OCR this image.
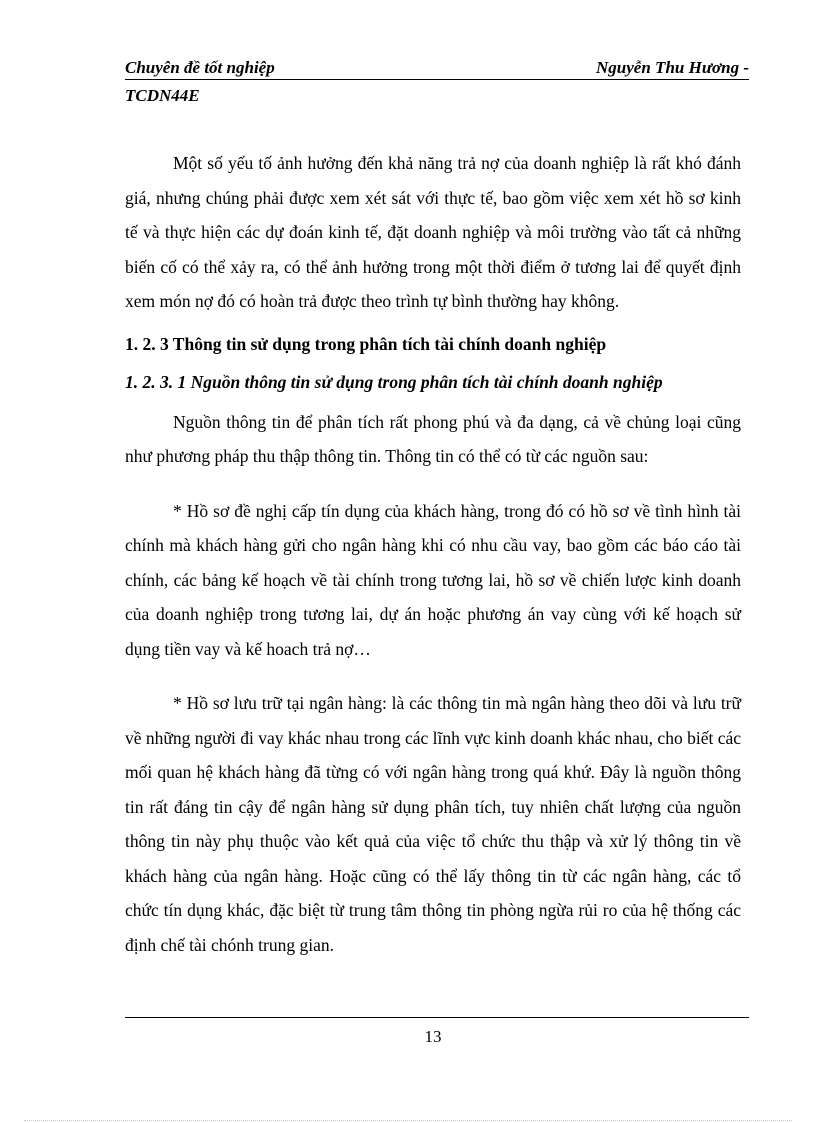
Chuyên đề tốt nghiệp	Nguyễn Thu Hương -
TCDN44E

Một số yếu tố ảnh hưởng đến khả năng trả nợ của doanh nghiệp là rất khó đánh giá, nhưng chúng phải được xem xét sát với thực tế, bao gồm việc xem xét hồ sơ kinh tế và thực hiện các dự đoán kinh tế, đặt doanh nghiệp và môi trường vào tất cả những biến cố có thể xảy ra, có thể ảnh hưởng trong một thời điểm ở tương lai để quyết định xem món nợ đó có hoàn trả được theo trình tự bình thường hay không.

1. 2. 3 Thông tin sử dụng trong phân tích tài chính doanh nghiệp
1. 2. 3. 1 Nguồn thông tin sử dụng trong phân tích tài chính doanh nghiệp

Nguồn thông tin để phân tích rất phong phú và đa dạng, cả về chủng loại cũng như phương pháp thu thập thông tin. Thông tin có thể có từ các nguồn sau:

* Hồ sơ đề nghị cấp tín dụng của khách hàng, trong đó có hồ sơ về tình hình tài chính mà khách hàng gửi cho ngân hàng khi có nhu cầu vay, bao gồm các báo cáo tài chính, các bảng kế hoạch về tài chính trong tương lai, hồ sơ về chiến lược kinh doanh của doanh nghiệp trong tương lai, dự án hoặc phương án vay cùng với kế hoạch sử dụng tiền vay và kế hoach trả nợ…

* Hồ sơ lưu trữ tại ngân hàng: là các thông tin mà ngân hàng theo dõi và lưu trữ về những người đi vay khác nhau trong các lĩnh vực kinh doanh khác nhau, cho biết các mối quan hệ khách hàng đã từng có với ngân hàng trong quá khứ. Đây là nguồn thông tin rất đáng tin cậy để ngân hàng sử dụng phân tích, tuy nhiên chất lượng của nguồn thông tin này phụ thuộc vào kết quả của việc tổ chức thu thập và xử lý thông tin về khách hàng của ngân hàng. Hoặc cũng có thể lấy thông tin từ các ngân hàng, các tổ chức tín dụng khác, đặc biệt từ trung tâm thông tin phòng ngừa rủi ro của hệ thống các định chế tài chónh trung gian.

13
